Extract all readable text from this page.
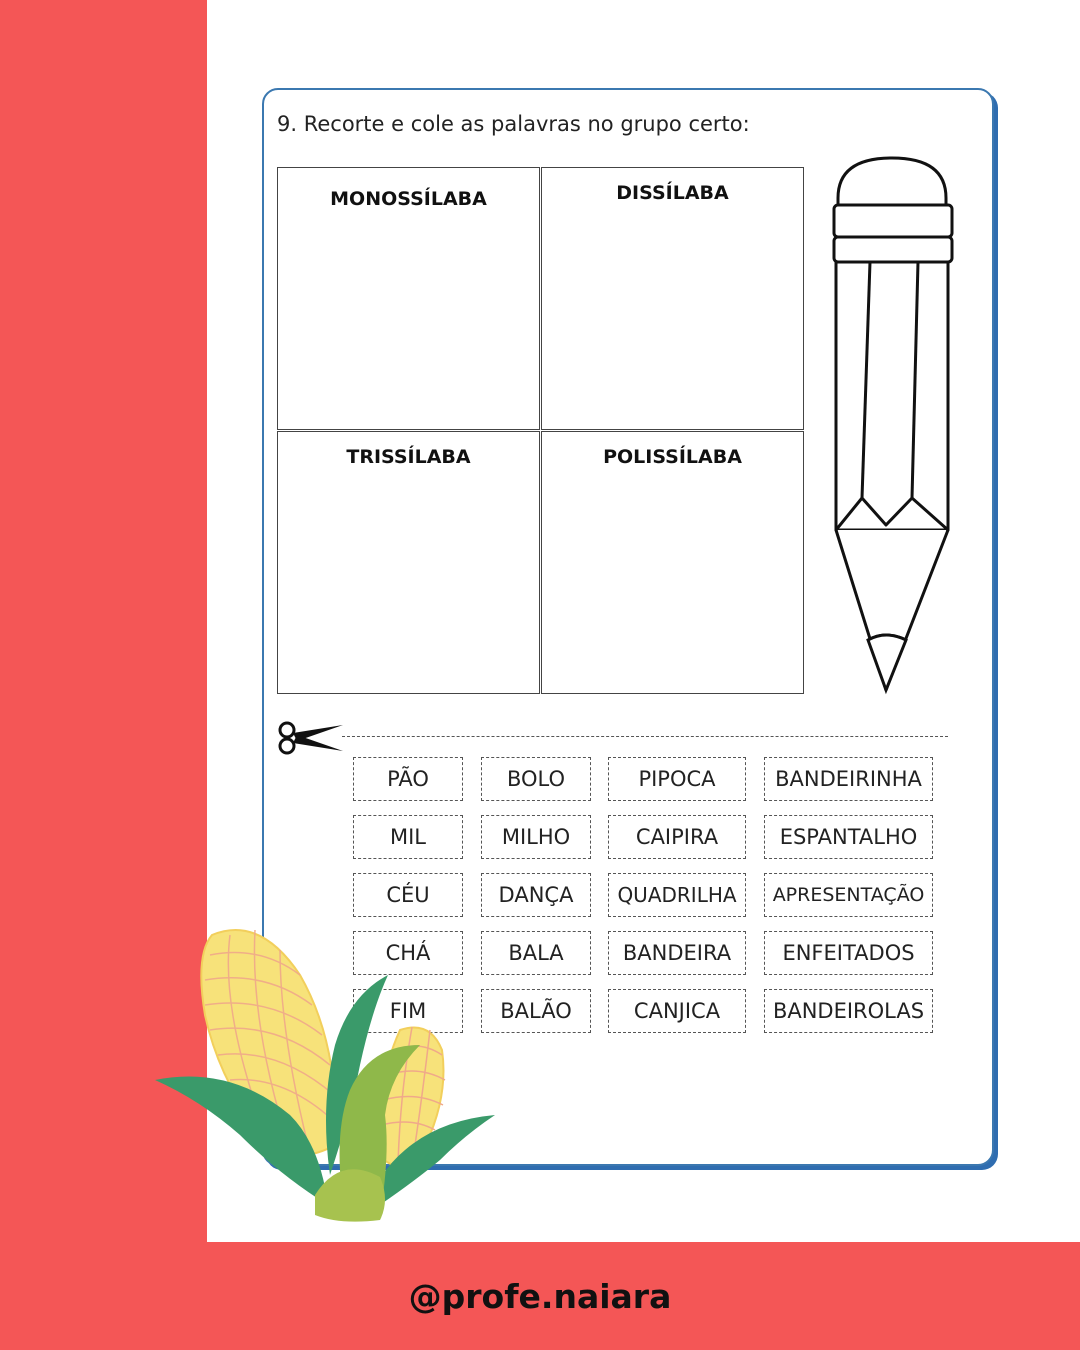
@profe.naiara
9. Recorte e cole as palavras no grupo certo:
MONOSSÍLABA	DISSÍLABA
TRISSÍLABA	POLISSÍLABA
PÃO	BOLO	PIPOCA	BANDEIRINHA
MIL	MILHO	CAIPIRA	ESPANTALHO
CÉU	DANÇA	QUADRILHA	APRESENTAÇÃO
CHÁ	BALA	BANDEIRA	ENFEITADOS
FIM	BALÃO	CANJICA	BANDEIROLAS
